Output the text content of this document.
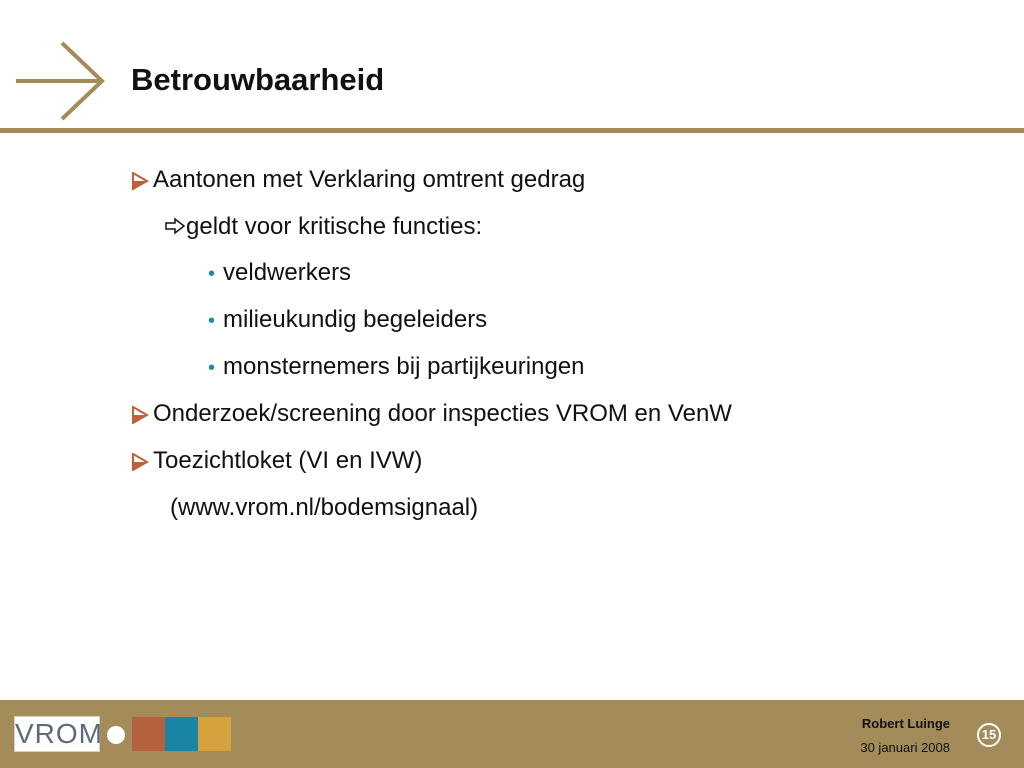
Betrouwbaarheid
Aantonen met Verklaring omtrent gedrag
geldt voor kritische functies:
• veldwerkers
• milieukundig begeleiders
• monsternemers bij partijkeuringen
Onderzoek/screening door inspecties VROM en VenW
Toezichtloket (VI en IVW)
(www.vrom.nl/bodemsignaal)
VROM	Robert Luinge
30 januari 2008
15
